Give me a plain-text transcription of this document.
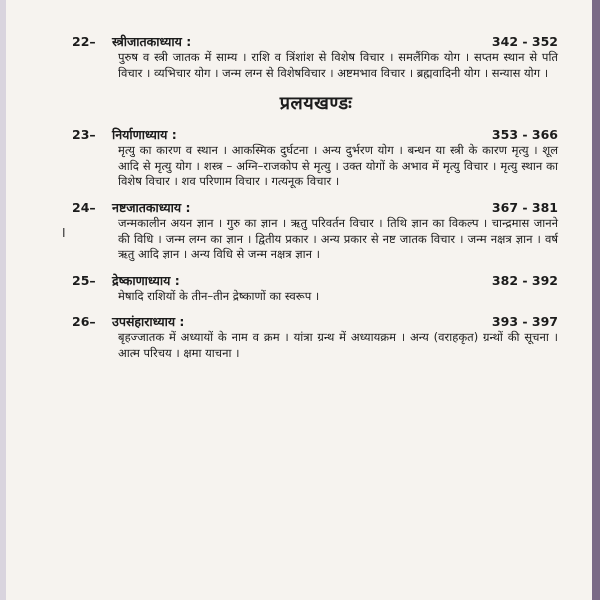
I
22–	स्त्रीजातकाध्याय :	342 - 352
पुरुष व स्त्री जातक में साम्य । राशि व त्रिंशांश से विशेष विचार । समलैंगिक योग । सप्तम स्थान से पति विचार । व्यभिचार योग । जन्म लग्न से विशेषविचार । अष्टमभाव विचार । ब्रह्मवादिनी योग । सन्यास योग ।
प्रलयखण्डः
23–	निर्याणाध्याय :	353 - 366
मृत्यु का कारण व स्थान । आकस्मिक दुर्घटना । अन्य दुर्भरण योग । बन्धन या स्त्री के कारण मृत्यु । शूल आदि से मृत्यु योग । शस्त्र – अग्नि–राजकोप से मृत्यु । उक्त योगों के अभाव में मृत्यु विचार । मृत्यु स्थान का विशेष विचार । शव परिणाम विचार । गत्यनूक विचार ।
24–	नष्टजातकाध्याय :	367 - 381
जन्मकालीन अयन ज्ञान । गुरु का ज्ञान । ऋतु परिवर्तन विचार । तिथि ज्ञान का विकल्प । चान्द्रमास जानने की विधि । जन्म लग्न का ज्ञान । द्वितीय प्रकार । अन्य प्रकार से नष्ट जातक विचार । जन्म नक्षत्र ज्ञान । वर्ष ऋतु आदि ज्ञान । अन्य विधि से जन्म नक्षत्र ज्ञान ।
25–	द्रेष्काणाध्याय :	382 - 392
मेषादि राशियों के तीन–तीन द्रेष्काणों का स्वरूप ।
26–	उपसंहाराध्याय :	393 - 397
बृहज्जातक में अध्यायों के नाम व क्रम । यांत्रा ग्रन्थ में अध्यायक्रम । अन्य (वराहकृत) ग्रन्थों की सूचना । आत्म परिचय । क्षमा याचना ।
